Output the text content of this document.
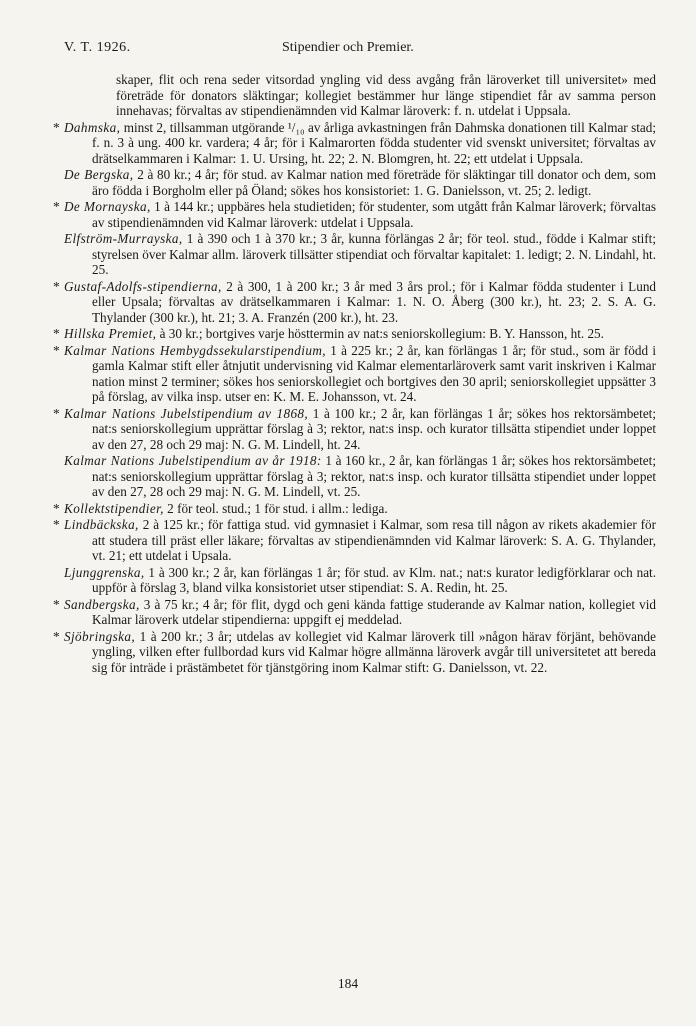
V. T. 1926.	Stipendier och Premier.

skaper, flit och rena seder vitsordad yngling vid dess avgång från läroverket till universitet» med företräde för donators släktingar; kollegiet bestämmer hur länge stipendiet får av samma person innehavas; förvaltas av stipendienämnden vid Kalmar läroverk: f. n. utdelat i Uppsala.

* Dahmska, minst 2, tillsamman utgörande ¹/₁₀ av årliga avkastningen från Dahmska donationen till Kalmar stad; f. n. 3 à ung. 400 kr. vardera; 4 år; för i Kalmarorten födda studenter vid svenskt universitet; förvaltas av drätselkammaren i Kalmar: 1. U. Ursing, ht. 22; 2. N. Blomgren, ht. 22; ett utdelat i Uppsala.

De Bergska, 2 à 80 kr.; 4 år; för stud. av Kalmar nation med företräde för släktingar till donator och dem, som äro födda i Borgholm eller på Öland; sökes hos konsistoriet: 1. G. Danielsson, vt. 25; 2. ledigt.

* De Mornayska, 1 à 144 kr.; uppbäres hela studietiden; för studenter, som utgått från Kalmar läroverk; förvaltas av stipendienämnden vid Kalmar läroverk: utdelat i Uppsala.

Elfström-Murrayska, 1 à 390 och 1 à 370 kr.; 3 år, kunna förlängas 2 år; för teol. stud., födde i Kalmar stift; styrelsen över Kalmar allm. läroverk tillsätter stipendiat och förvaltar kapitalet: 1. ledigt; 2. N. Lindahl, ht. 25.

* Gustaf-Adolfs-stipendierna, 2 à 300, 1 à 200 kr.; 3 år med 3 års prol.; för i Kalmar födda studenter i Lund eller Upsala; förvaltas av drätselkammaren i Kalmar: 1. N. O. Åberg (300 kr.), ht. 23; 2. S. A. G. Thylander (300 kr.), ht. 21; 3. A. Franzén (200 kr.), ht. 23.

* Hillska Premiet, à 30 kr.; bortgives varje hösttermin av nat:s seniorskollegium: B. Y. Hansson, ht. 25.

* Kalmar Nations Hembygdssekularstipendium, 1 à 225 kr.; 2 år, kan förlängas 1 år; för stud., som är född i gamla Kalmar stift eller åtnjutit undervisning vid Kalmar elementarläroverk samt varit inskriven i Kalmar nation minst 2 terminer; sökes hos seniorskollegiet och bortgives den 30 april; seniorskollegiet uppsätter 3 på förslag, av vilka insp. utser en: K. M. E. Johansson, vt. 24.

* Kalmar Nations Jubelstipendium av 1868, 1 à 100 kr.; 2 år, kan förlängas 1 år; sökes hos rektorsämbetet; nat:s seniorskollegium upprättar förslag à 3; rektor, nat:s insp. och kurator tillsätta stipendiet under loppet av den 27, 28 och 29 maj: N. G. M. Lindell, ht. 24.

Kalmar Nations Jubelstipendium av år 1918: 1 à 160 kr., 2 år, kan förlängas 1 år; sökes hos rektorsämbetet; nat:s seniorskollegium upprättar förslag à 3; rektor, nat:s insp. och kurator tillsätta stipendiet under loppet av den 27, 28 och 29 maj: N. G. M. Lindell, vt. 25.

* Kollektstipendier, 2 för teol. stud.; 1 för stud. i allm.: lediga.

* Lindbäckska, 2 à 125 kr.; för fattiga stud. vid gymnasiet i Kalmar, som resa till någon av rikets akademier för att studera till präst eller läkare; förvaltas av stipendienämnden vid Kalmar läroverk: S. A. G. Thylander, vt. 21; ett utdelat i Upsala.

Ljunggrenska, 1 à 300 kr.; 2 år, kan förlängas 1 år; för stud. av Klm. nat.; nat:s kurator ledigförklarar och nat. uppför à förslag 3, bland vilka konsistoriet utser stipendiat: S. A. Redin, ht. 25.

* Sandbergska, 3 à 75 kr.; 4 år; för flit, dygd och geni kända fattige studerande av Kalmar nation, kollegiet vid Kalmar läroverk utdelar stipendierna: uppgift ej meddelad.

* Sjöbringska, 1 à 200 kr.; 3 år; utdelas av kollegiet vid Kalmar läroverk till »någon härav förjänt, behövande yngling, vilken efter fullbordad kurs vid Kalmar högre allmänna läroverk avgår till universitetet att bereda sig för inträde i prästämbetet för tjänstgöring inom Kalmar stift: G. Danielsson, vt. 22.

184
